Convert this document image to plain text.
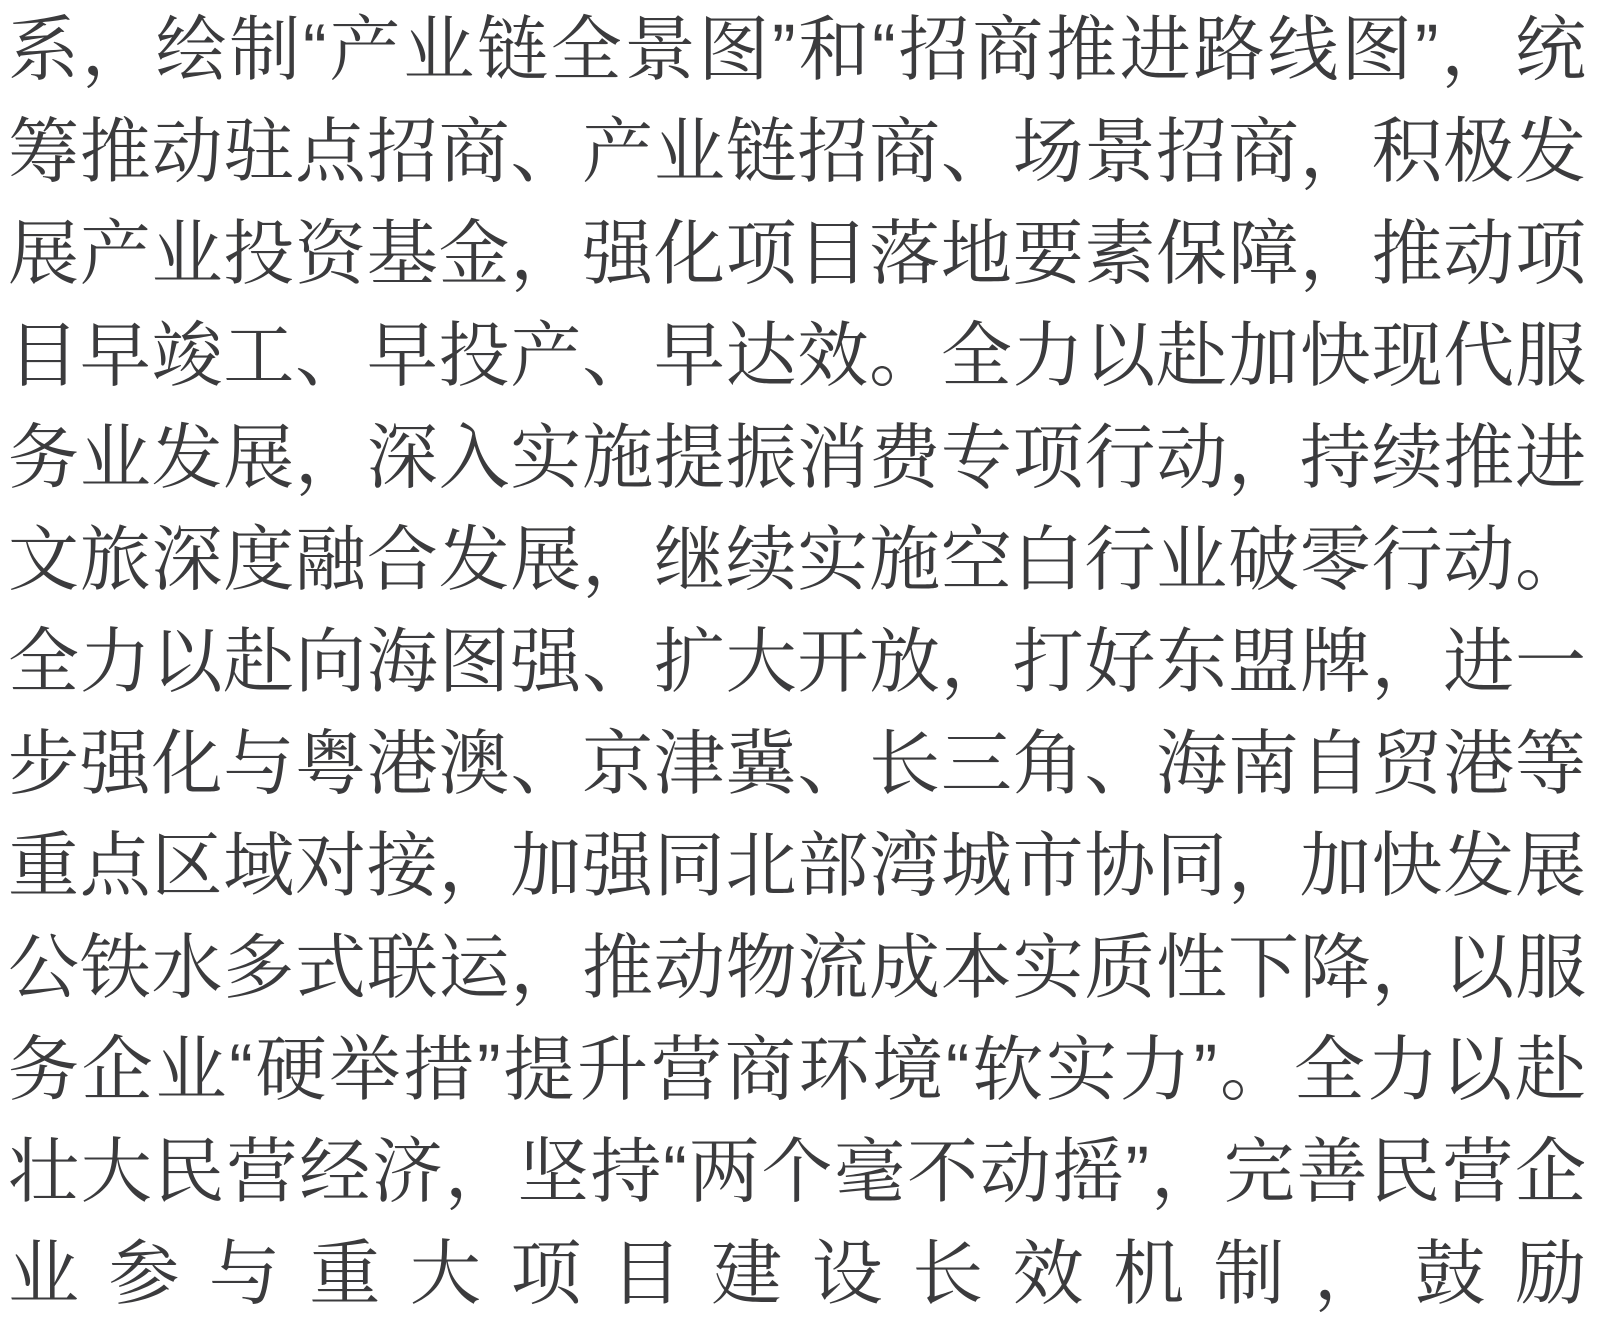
系，绘制“产业链全景图”和“招商推进路线图”，统筹推动驻点招商、产业链招商、场景招商，积极发展产业投资基金，强化项目落地要素保障，推动项目早竣工、早投产、早达效。全力以赴加快现代服务业发展，深入实施提振消费专项行动，持续推进文旅深度融合发展，继续实施空白行业破零行动。全力以赴向海图强、扩大开放，打好东盟牌，进一步强化与粤港澳、京津冀、长三角、海南自贸港等重点区域对接，加强同北部湾城市协同，加快发展公铁水多式联运，推动物流成本实质性下降，以服务企业“硬举措”提升营商环境“软实力”。全力以赴壮大民营经济，坚持“两个毫不动摇”，完善民营企业参与重大项目建设长效机制，鼓励
